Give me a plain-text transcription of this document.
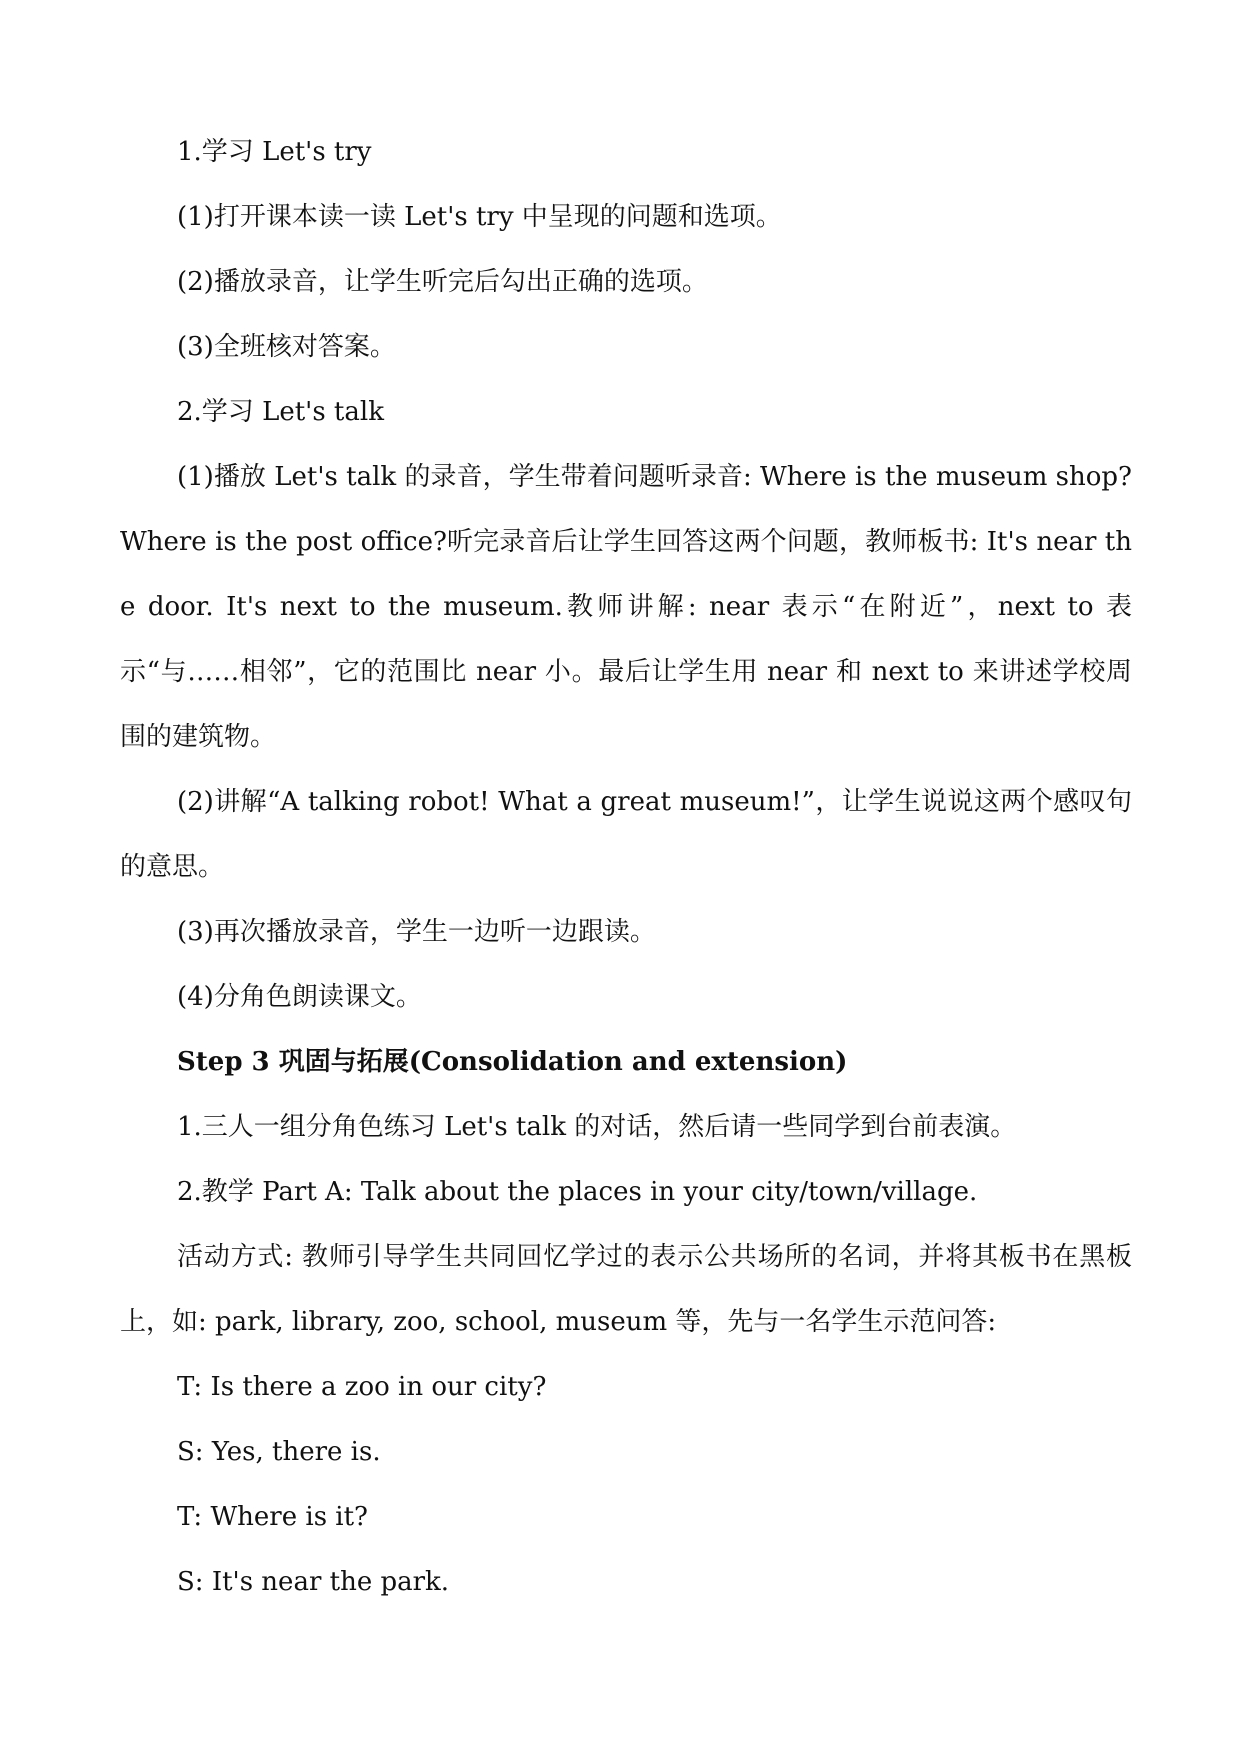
1.学习 Let's try

(1)打开课本读一读 Let's try 中呈现的问题和选项。

(2)播放录音，让学生听完后勾出正确的选项。

(3)全班核对答案。

2.学习 Let's talk

(1)播放 Let's talk 的录音，学生带着问题听录音: Where is the museum shop? Where is the post office?听完录音后让学生回答这两个问题，教师板书: It's near the door. It's next to the museum.教师讲解: near 表示“在附近”，next to 表示“与……相邻”，它的范围比 near 小。最后让学生用 near 和 next to 来讲述学校周围的建筑物。

(2)讲解“A talking robot! What a great museum!”，让学生说说这两个感叹句的意思。

(3)再次播放录音，学生一边听一边跟读。

(4)分角色朗读课文。

Step 3 巩固与拓展(Consolidation and extension)

1.三人一组分角色练习 Let's talk 的对话，然后请一些同学到台前表演。

2.教学 Part A: Talk about the places in your city/town/village.

活动方式: 教师引导学生共同回忆学过的表示公共场所的名词，并将其板书在黑板上，如: park, library, zoo, school, museum 等，先与一名学生示范问答:

T: Is there a zoo in our city?

S: Yes, there is.

T: Where is it?

S: It's near the park.
